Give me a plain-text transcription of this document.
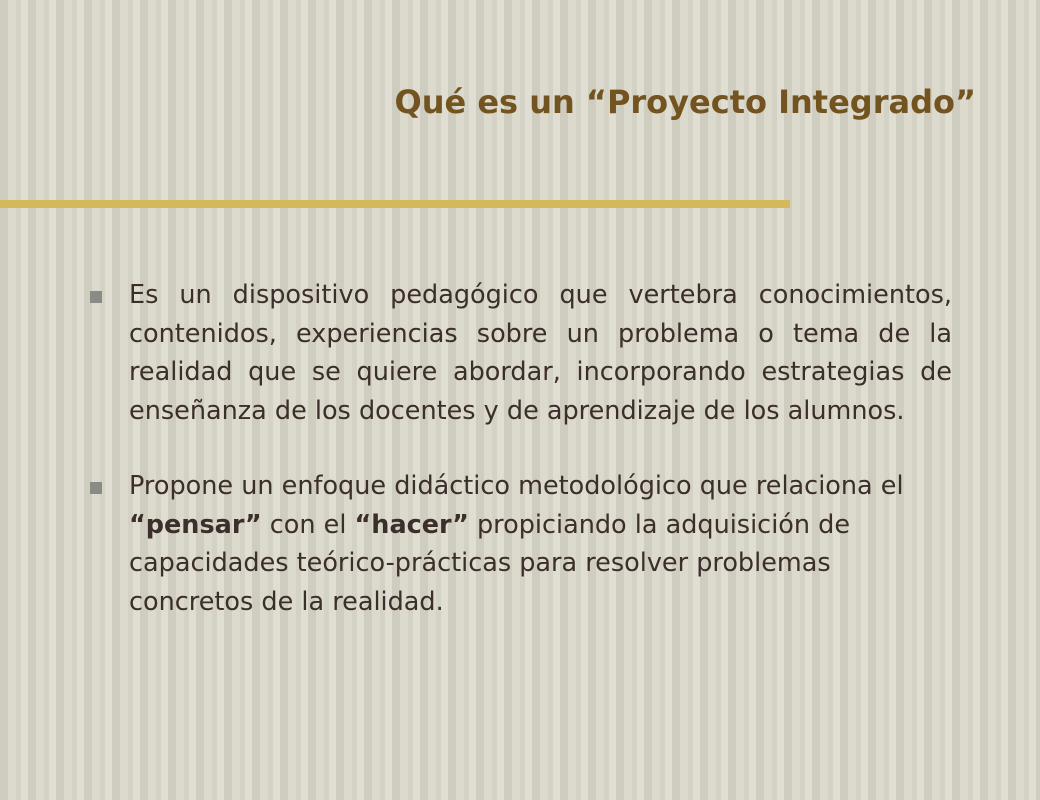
Qué es un “Proyecto Integrado”
Es un dispositivo pedagógico que vertebra conocimientos, contenidos, experiencias sobre un problema o tema de la realidad que se quiere abordar, incorporando estrategias de enseñanza de los docentes y de aprendizaje de los alumnos.
Propone un enfoque didáctico metodológico que relaciona el “pensar” con el “hacer” propiciando la adquisición de capacidades teórico-prácticas para resolver problemas concretos de la realidad.
